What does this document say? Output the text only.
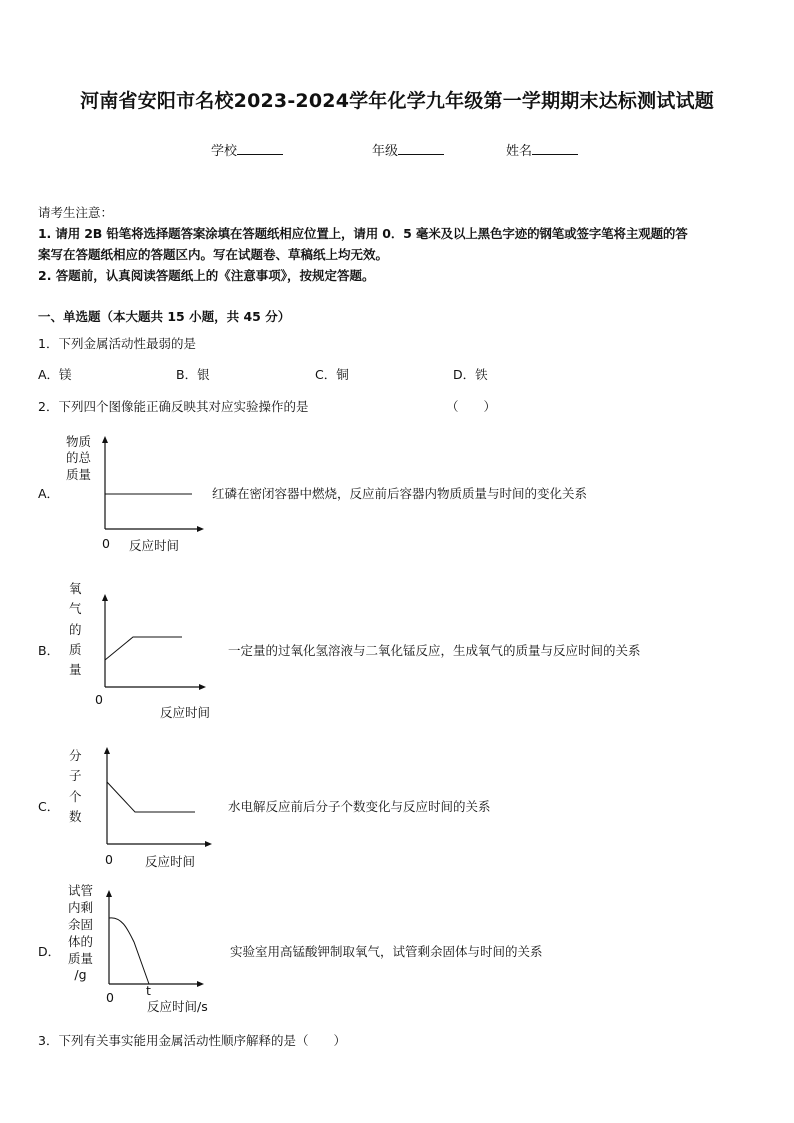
河南省安阳市名校2023-2024学年化学九年级第一学期期末达标测试试题
学校	年级	姓名
请考生注意：
1. 请用 2B 铅笔将选择题答案涂填在答题纸相应位置上，请用 0．5 毫米及以上黑色字迹的钢笔或签字笔将主观题的答
案写在答题纸相应的答题区内。写在试题卷、草稿纸上均无效。
2. 答题前，认真阅读答题纸上的《注意事项》，按规定答题。
一、单选题（本大题共 15 小题，共 45 分）
1．下列金属活动性最弱的是
A．镁	B．银	C．铜	D．铁
2．下列四个图像能正确反映其对应实验操作的是	（　　）
A．
物质
的总
质量
0 反应时间
红磷在密闭容器中燃烧，反应前后容器内物质质量与时间的变化关系
B．
氧
气
的
质
量
0
反应时间
一定量的过氧化氢溶液与二氧化锰反应，生成氧气的质量与反应时间的关系
C．
分
子
个
数
0	反应时间
水电解反应前后分子个数变化与反应时间的关系
D．
试管
内剩
余固
体的
质量
/g
0	t
反应时间/s
实验室用高锰酸钾制取氧气，试管剩余固体与时间的关系
3．下列有关事实能用金属活动性顺序解释的是（　　）
